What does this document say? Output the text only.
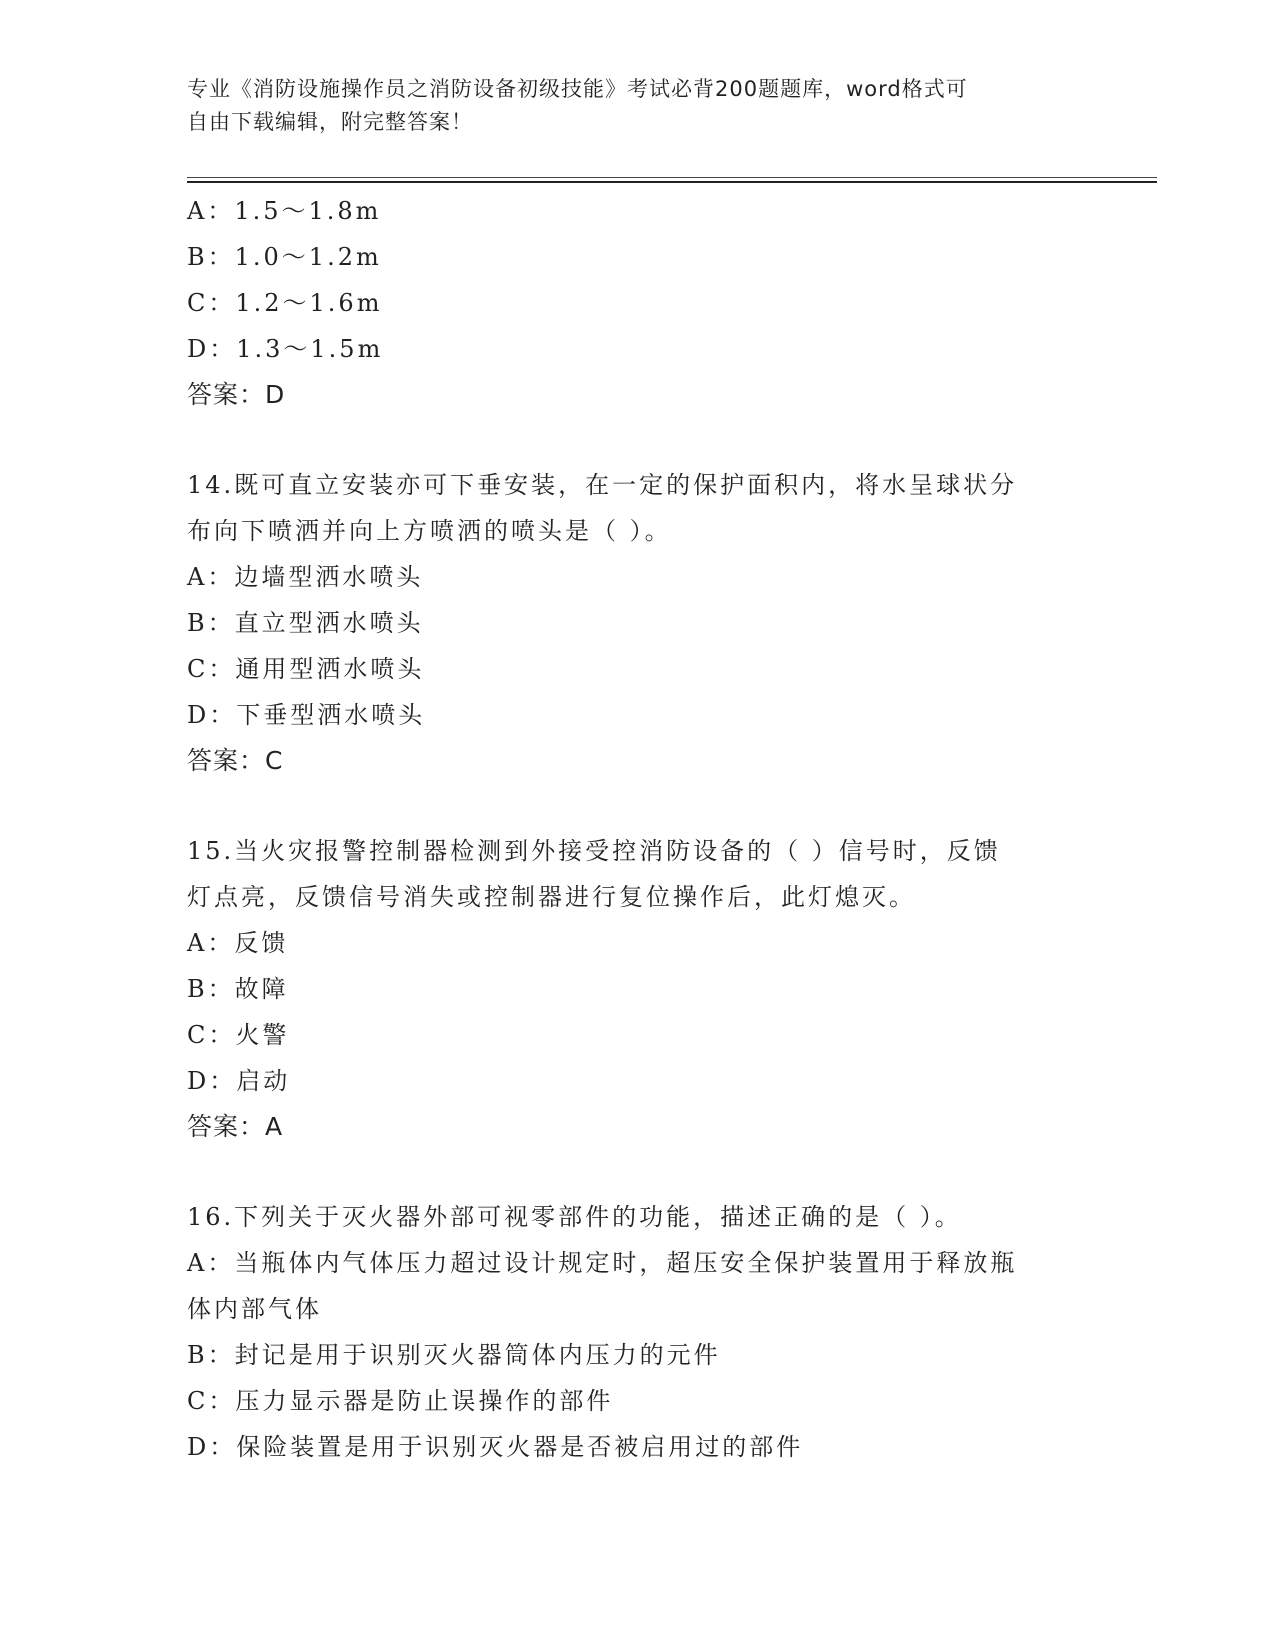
专业《消防设施操作员之消防设备初级技能》考试必背200题题库，word格式可
自由下载编辑，附完整答案！
A：1.5～1.8m
B：1.0～1.2m
C：1.2～1.6m
D：1.3～1.5m
答案：D
14.既可直立安装亦可下垂安装，在一定的保护面积内，将水呈球状分
布向下喷洒并向上方喷洒的喷头是（ ）。
A：边墙型洒水喷头
B：直立型洒水喷头
C：通用型洒水喷头
D：下垂型洒水喷头
答案：C
15.当火灾报警控制器检测到外接受控消防设备的（ ）信号时，反馈
灯点亮，反馈信号消失或控制器进行复位操作后，此灯熄灭。
A：反馈
B：故障
C：火警
D：启动
答案：A
16.下列关于灭火器外部可视零部件的功能，描述正确的是（ ）。
A：当瓶体内气体压力超过设计规定时，超压安全保护装置用于释放瓶
体内部气体
B：封记是用于识别灭火器筒体内压力的元件
C：压力显示器是防止误操作的部件
D：保险装置是用于识别灭火器是否被启用过的部件
